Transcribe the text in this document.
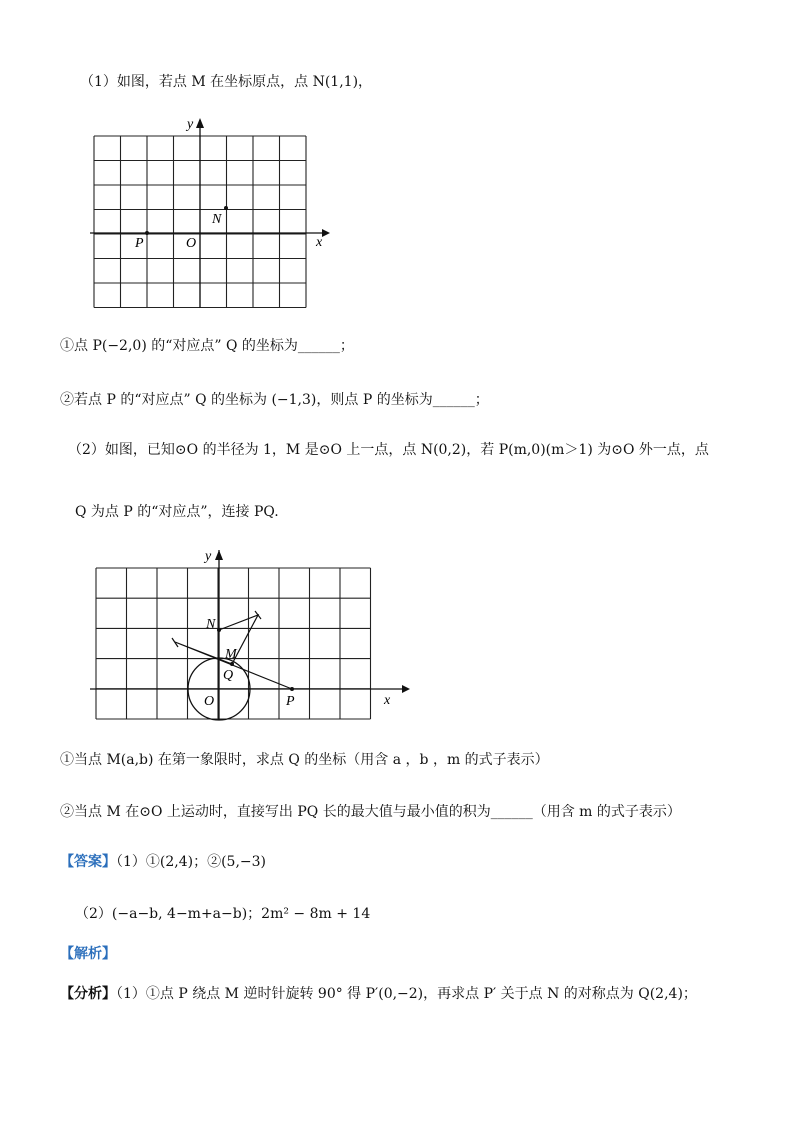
（1）如图，若点 M 在坐标原点，点 N(1,1)，
y
x
O
N
P
①点 P(−2,0) 的“对应点” Q 的坐标为______；
②若点 P 的“对应点” Q 的坐标为 (−1,3)，则点 P 的坐标为______；
（2）如图，已知⊙O 的半径为 1，M 是⊙O 上一点，点 N(0,2)，若 P(m,0)(m＞1) 为⊙O 外一点，点
Q 为点 P 的“对应点”，连接 PQ.
y
x
O
N
M
Q
P
①当点 M(a,b) 在第一象限时，求点 Q 的坐标（用含 a ，b ，m 的式子表示）
②当点 M 在⊙O 上运动时，直接写出 PQ 长的最大值与最小值的积为______（用含 m 的式子表示）
【答案】（1）①(2,4)；②(5,−3)
（2）(−a−b, 4−m+a−b)；2m² − 8m + 14
【解析】
【分析】（1）①点 P 绕点 M 逆时针旋转 90° 得 P′(0,−2)，再求点 P′ 关于点 N 的对称点为 Q(2,4)；
